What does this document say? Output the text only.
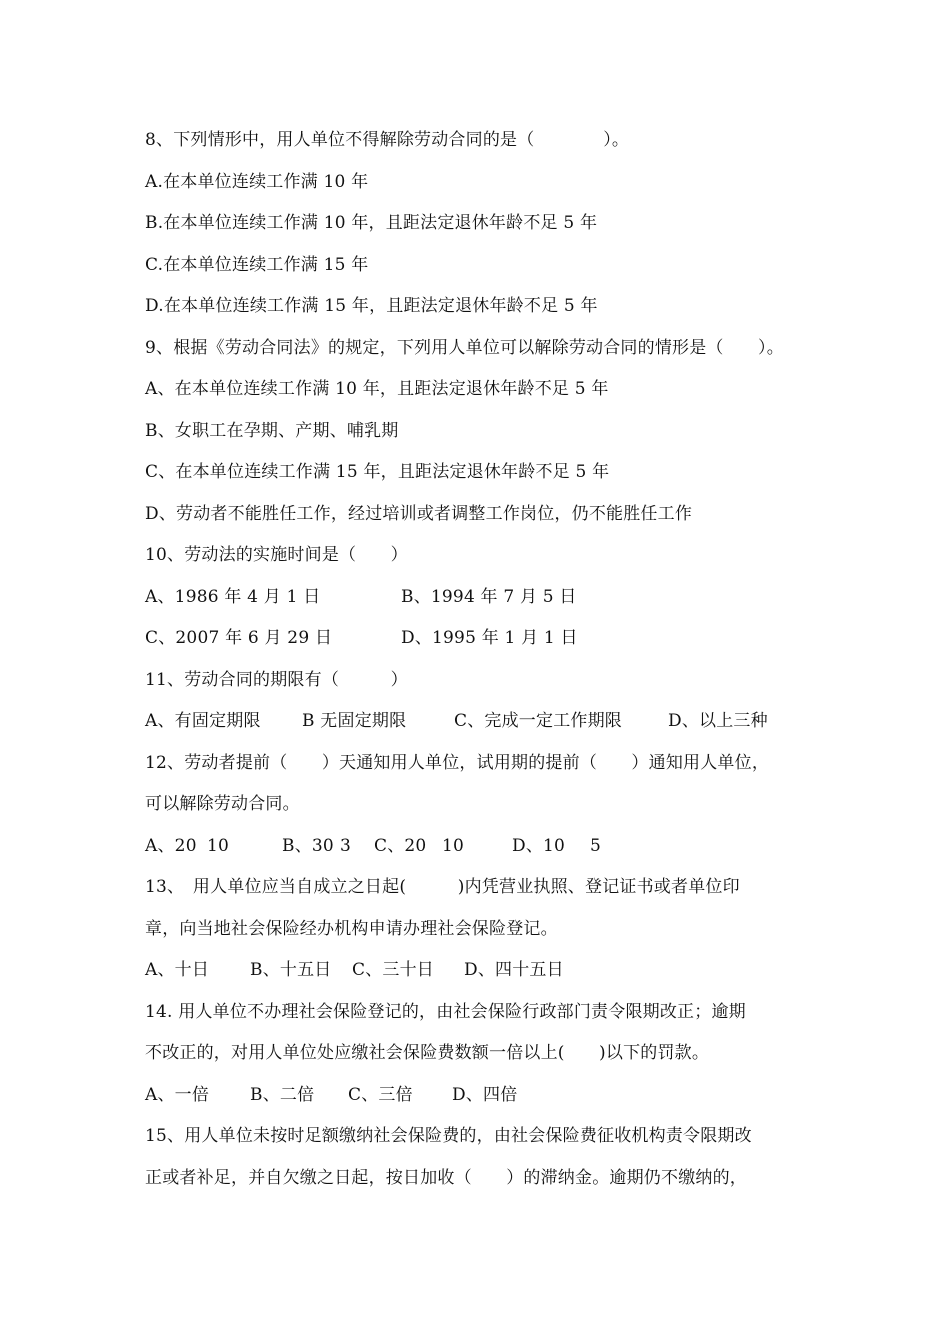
8、下列情形中，用人单位不得解除劳动合同的是（　　　　）。
A.在本单位连续工作满 10 年
B.在本单位连续工作满 10 年，且距法定退休年龄不足 5 年
C.在本单位连续工作满 15 年
D.在本单位连续工作满 15 年，且距法定退休年龄不足 5 年
9、根据《劳动合同法》的规定，下列用人单位可以解除劳动合同的情形是（　　）。
A、在本单位连续工作满 10 年，且距法定退休年龄不足 5 年
B、女职工在孕期、产期、哺乳期
C、在本单位连续工作满 15 年，且距法定退休年龄不足 5 年
D、劳动者不能胜任工作，经过培训或者调整工作岗位，仍不能胜任工作
10、劳动法的实施时间是（　　）
A、1986 年 4 月 1 日	B、1994 年 7 月 5 日
C、2007 年 6 月 29 日	D、1995 年 1 月 1 日
11、劳动合同的期限有（　　　）
A、有固定期限	B 无固定期限	C、完成一定工作期限	D、以上三种
12、劳动者提前（　　）天通知用人单位，试用期的提前（　　）通知用人单位，
可以解除劳动合同。
A、20 10	B、30 3	C、20 10	D、10	5
13、　用人单位应当自成立之日起(　　　)内凭营业执照、登记证书或者单位印
章，向当地社会保险经办机构申请办理社会保险登记。
A、十日	B、十五日	C、三十日	D、四十五日
14. 用人单位不办理社会保险登记的，由社会保险行政部门责令限期改正；逾期
不改正的，对用人单位处应缴社会保险费数额一倍以上(　　)以下的罚款。
A、一倍	B、二倍	C、三倍	D、四倍
15、用人单位未按时足额缴纳社会保险费的，由社会保险费征收机构责令限期改
正或者补足，并自欠缴之日起，按日加收（　　）的滞纳金。逾期仍不缴纳的，
